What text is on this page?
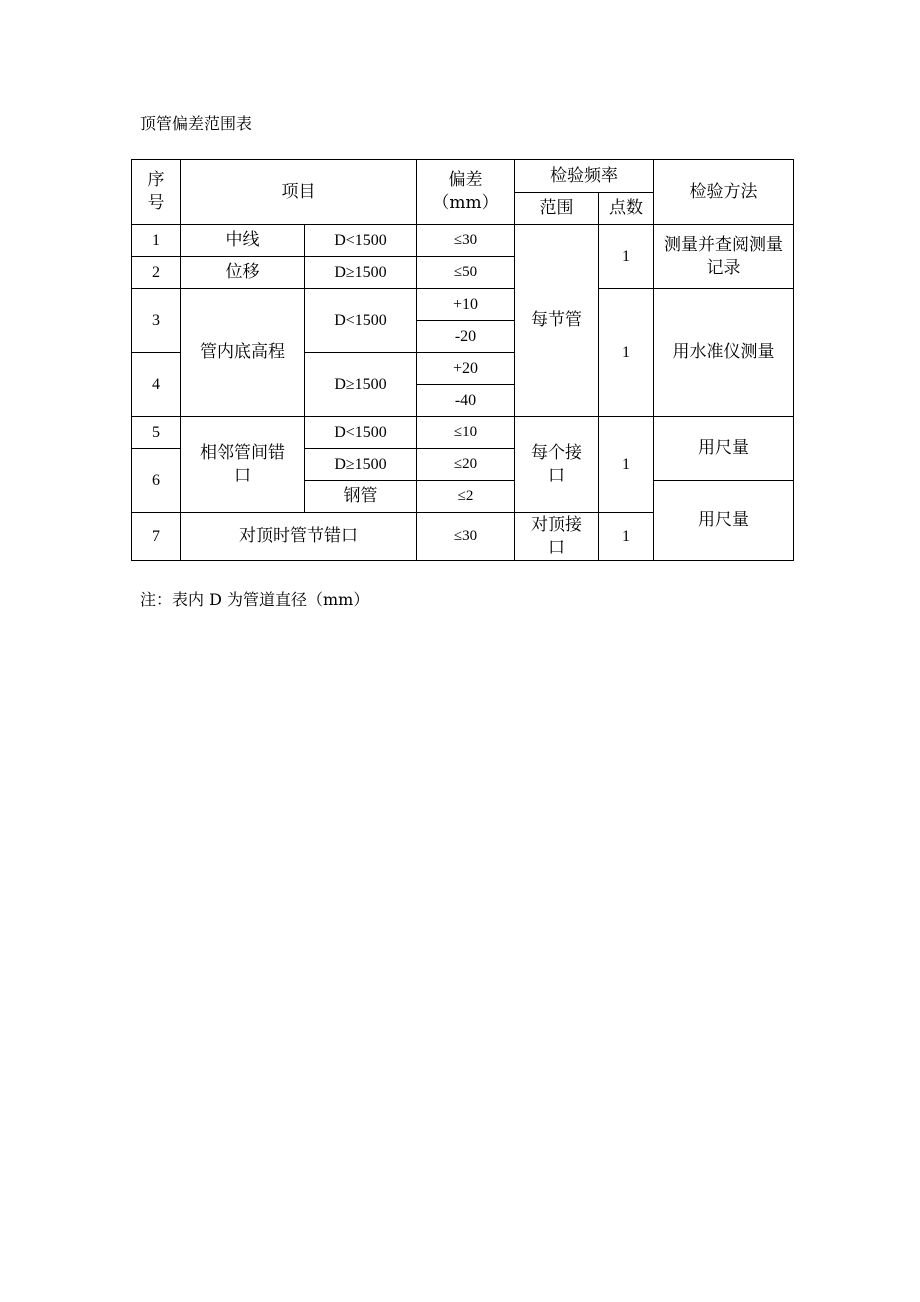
顶管偏差范围表
序号	项目		偏差（mm）	检验频率		检验方法
				范围	点数	
1	中线	D<1500	≤30	每节管	1	测量并查阅测量记录
2	位移	D≥1500	≤50			
3	管内底高程	D<1500	+10		1	用水准仪测量
			-20			
4		D≥1500	+20			
			-40			
5	相邻管间错口	D<1500	≤10	每个接口	1	用尺量
6		D≥1500	≤20			
		钢管	≤2			用尺量
7	对顶时管节错口		≤30	对顶接口	1	
注：表内 D 为管道直径（mm）
